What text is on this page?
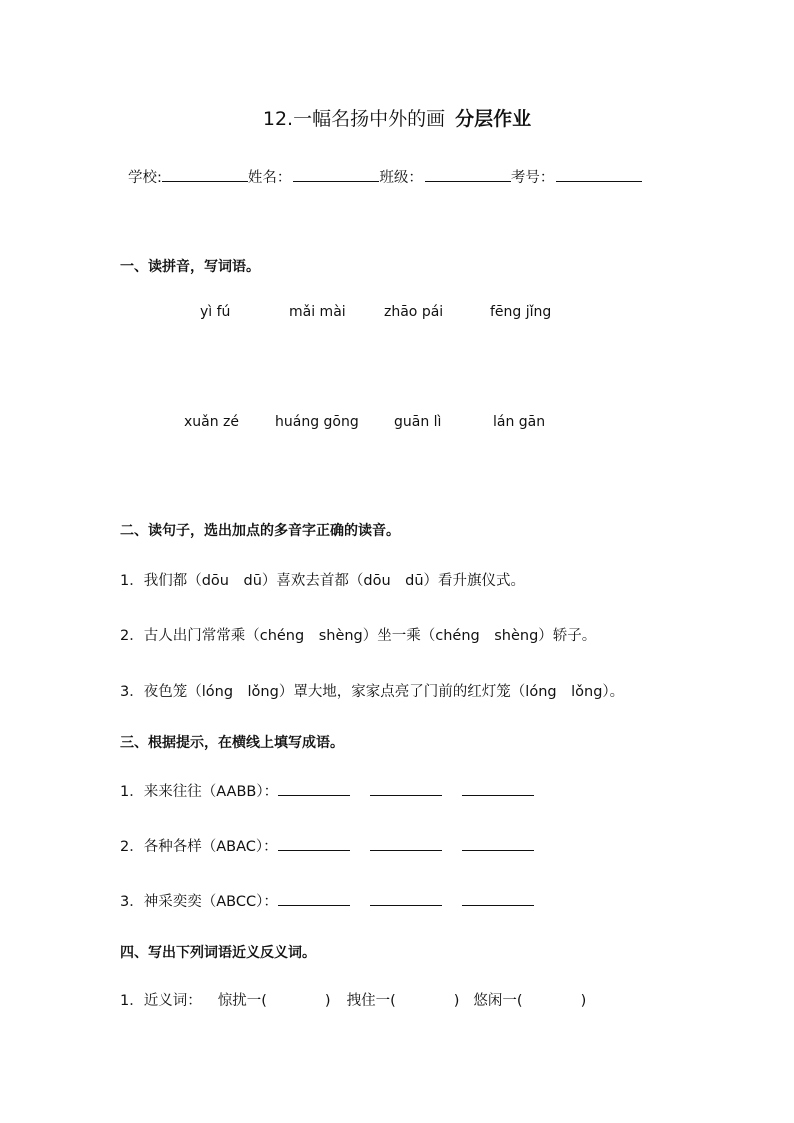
12.一幅名扬中外的画 分层作业
学校:	姓名：	班级：	考号：
一、读拼音，写词语。
yì fú	mǎi mài	zhāo pái	fēng jǐng
xuǎn zé	huáng gōng	guān lì	lán gān
二、读句子，选出加点的多音字正确的读音。
1．我们都（dōu　dū）喜欢去首都（dōu　dū）看升旗仪式。
2．古人出门常常乘（chéng　shèng）坐一乘（chéng　shèng）轿子。
3．夜色笼（lóng　lǒng）罩大地，家家点亮了门前的红灯笼（lóng　lǒng）。
三、根据提示，在横线上填写成语。
1．来来往往（AABB）：
2．各种各样（ABAC）：
3．神采奕奕（ABCC）：
四、写出下列词语近义反义词。
1．近义词： 惊扰一(	) 拽住一(	) 悠闲一(	)
